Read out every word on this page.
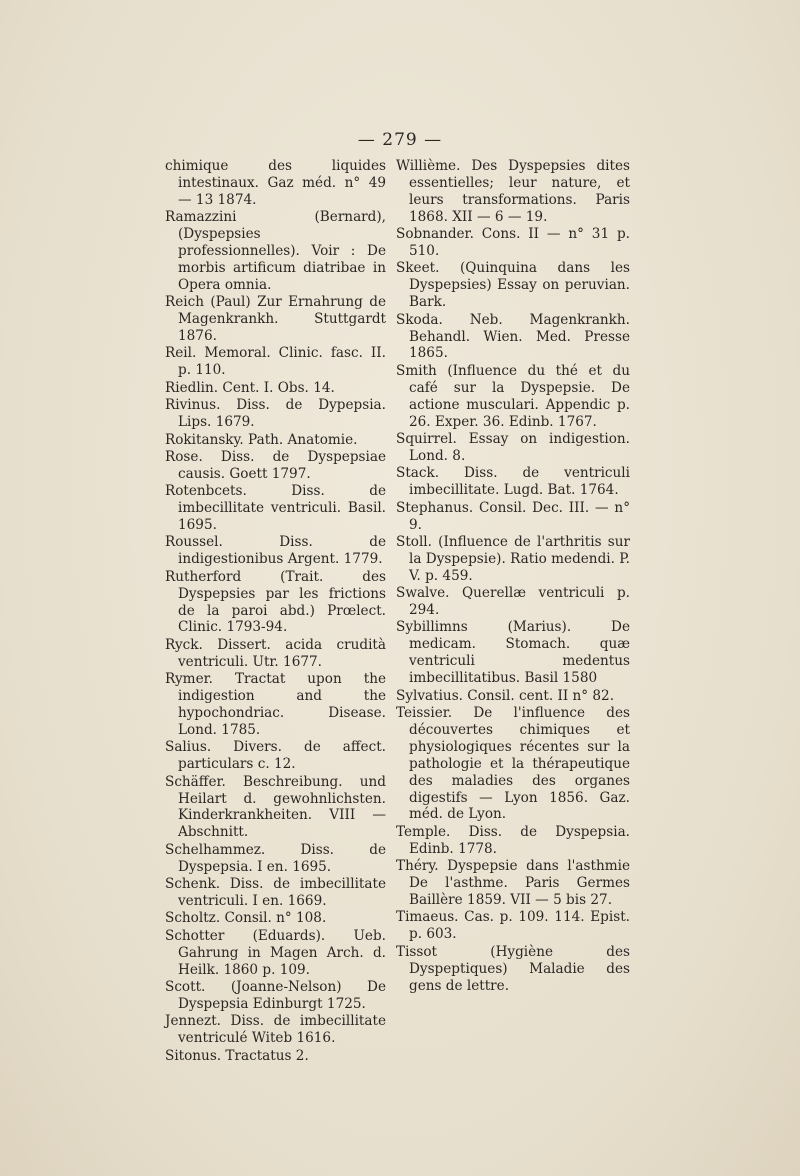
— 279 —

chimique des liquides intestinaux. Gaz méd. n° 49 — 13 1874.

Ramazzini (Bernard), (Dyspepsies professionnelles). Voir : De morbis artificum diatribae in Opera omnia.

Reich (Paul) Zur Ernahrung de Magenkrankh. Stuttgardt 1876.

Reil. Memoral. Clinic. fasc. II. p. 110.

Riedlin. Cent. I. Obs. 14.

Rivinus. Diss. de Dypepsia. Lips. 1679.

Rokitansky. Path. Anatomie.

Rose. Diss. de Dyspepsiae causis. Goett 1797.

Rotenbcets. Diss. de imbecillitate ventriculi. Basil. 1695.

Roussel. Diss. de indigestionibus Argent. 1779.

Rutherford (Trait. des Dyspepsies par les frictions de la paroi abd.) Prœlect. Clinic. 1793-94.

Ryck. Dissert. acida crudità ventriculi. Utr. 1677.

Rymer. Tractat upon the indigestion and the hypochondriac. Disease. Lond. 1785.

Salius. Divers. de affect. particulars c. 12.

Schäffer. Beschreibung. und Heilart d. gewohnlichsten. Kinderkrankheiten. VIII — Abschnitt.

Schelhammez. Diss. de Dyspepsia. I en. 1695.

Schenk. Diss. de imbecillitate ventriculi. I en. 1669.

Scholtz. Consil. n° 108.

Schotter (Eduards). Ueb. Gahrung in Magen Arch. d. Heilk. 1860 p. 109.

Scott. (Joanne-Nelson) De Dyspepsia Edinburgt 1725.

Jennezt. Diss. de imbecillitate ventriculé Witeb 1616.

Sitonus. Tractatus 2.

Willième. Des Dyspepsies dites essentielles; leur nature, et leurs transformations. Paris 1868. XII — 6 — 19.

Sobnander. Cons. II — n° 31 p. 510.

Skeet. (Quinquina dans les Dyspepsies) Essay on peruvian. Bark.

Skoda. Neb. Magenkrankh. Behandl. Wien. Med. Presse 1865.

Smith (Influence du thé et du café sur la Dyspepsie. De actione musculari. Appendic p. 26. Exper. 36. Edinb. 1767.

Squirrel. Essay on indigestion. Lond. 8.

Stack. Diss. de ventriculi imbecillitate. Lugd. Bat. 1764.

Stephanus. Consil. Dec. III. — n° 9.

Stoll. (Influence de l'arthritis sur la Dyspepsie). Ratio medendi. P. V. p. 459.

Swalve. Querellæ ventriculi p. 294.

Sybillimns (Marius). De medicam. Stomach. quæ ventriculi medentus imbecillitatibus. Basil 1580

Sylvatius. Consil. cent. II n° 82.

Teissier. De l'influence des découvertes chimiques et physiologiques récentes sur la pathologie et la thérapeutique des maladies des organes digestifs — Lyon 1856. Gaz. méd. de Lyon.

Temple. Diss. de Dyspepsia. Edinb. 1778.

Théry. Dyspepsie dans l'asthmie De l'asthme. Paris Germes Baillère 1859. VII — 5 bis 27.

Timaeus. Cas. p. 109. 114. Epist. p. 603.

Tissot (Hygiène des Dyspeptiques) Maladie des gens de lettre.
